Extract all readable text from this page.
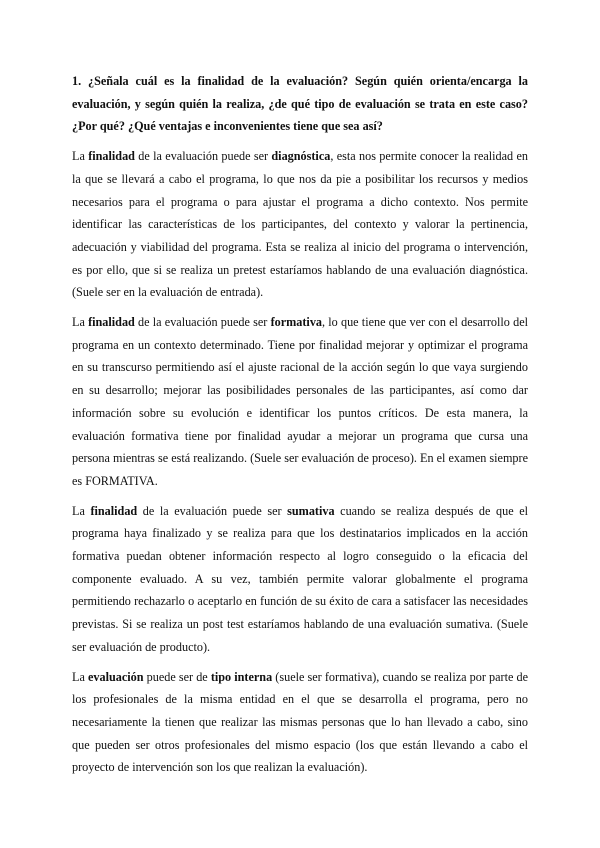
1. ¿Señala cuál es la finalidad de la evaluación? Según quién orienta/encarga la evaluación, y según quién la realiza, ¿de qué tipo de evaluación se trata en este caso? ¿Por qué? ¿Qué ventajas e inconvenientes tiene que sea así?

La finalidad de la evaluación puede ser diagnóstica, esta nos permite conocer la realidad en la que se llevará a cabo el programa, lo que nos da pie a posibilitar los recursos y medios necesarios para el programa o para ajustar el programa a dicho contexto. Nos permite identificar las características de los participantes, del contexto y valorar la pertinencia, adecuación y viabilidad del programa. Esta se realiza al inicio del programa o intervención, es por ello, que si se realiza un pretest estaríamos hablando de una evaluación diagnóstica. (Suele ser en la evaluación de entrada).

La finalidad de la evaluación puede ser formativa, lo que tiene que ver con el desarrollo del programa en un contexto determinado. Tiene por finalidad mejorar y optimizar el programa en su transcurso permitiendo así el ajuste racional de la acción según lo que vaya surgiendo en su desarrollo; mejorar las posibilidades personales de las participantes, así como dar información sobre su evolución e identificar los puntos críticos. De esta manera, la evaluación formativa tiene por finalidad ayudar a mejorar un programa que cursa una persona mientras se está realizando. (Suele ser evaluación de proceso). En el examen siempre es FORMATIVA.

La finalidad de la evaluación puede ser sumativa cuando se realiza después de que el programa haya finalizado y se realiza para que los destinatarios implicados en la acción formativa puedan obtener información respecto al logro conseguido o la eficacia del componente evaluado. A su vez, también permite valorar globalmente el programa permitiendo rechazarlo o aceptarlo en función de su éxito de cara a satisfacer las necesidades previstas. Si se realiza un post test estaríamos hablando de una evaluación sumativa. (Suele ser evaluación de producto).

La evaluación puede ser de tipo interna (suele ser formativa), cuando se realiza por parte de los profesionales de la misma entidad en el que se desarrolla el programa, pero no necesariamente la tienen que realizar las mismas personas que lo han llevado a cabo, sino que pueden ser otros profesionales del mismo espacio (los que están llevando a cabo el proyecto de intervención son los que realizan la evaluación).
